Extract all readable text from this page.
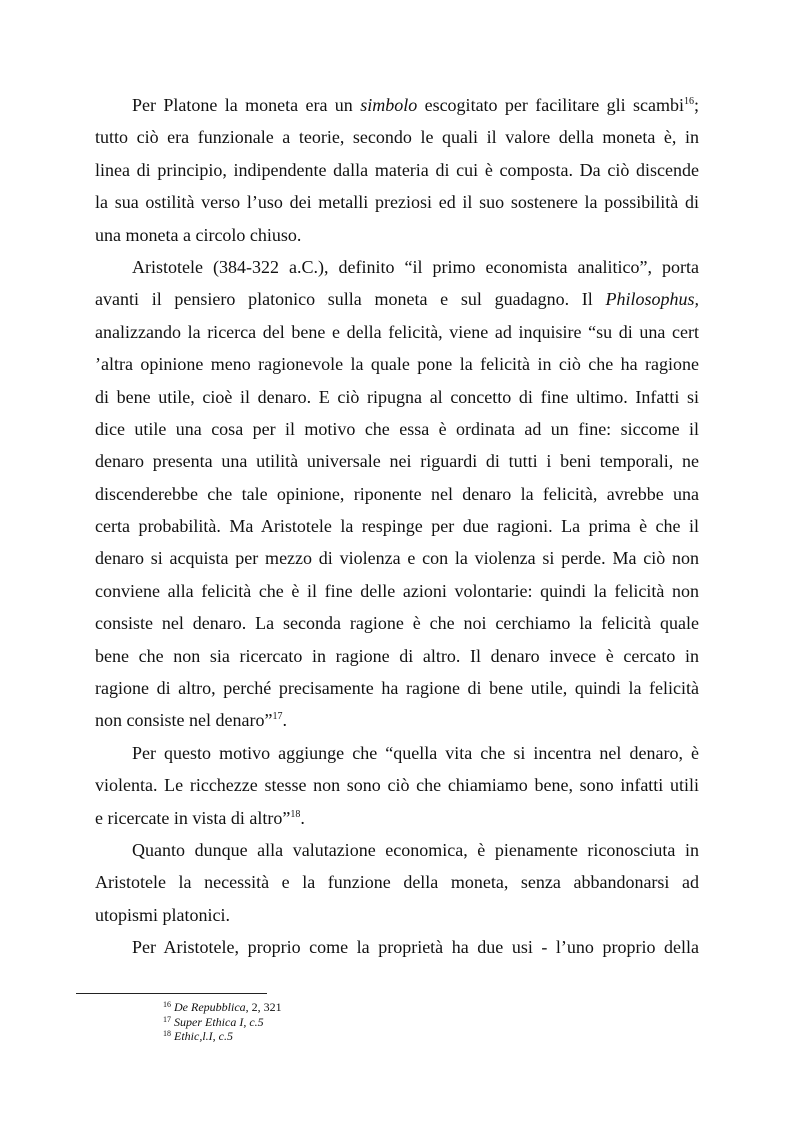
Per Platone la moneta era un simbolo escogitato per facilitare gli scambi$^{16}$;
tutto ciò era funzionale a teorie, secondo le quali il valore della moneta è, in
linea di principio, indipendente dalla materia di cui è composta. Da ciò discende
la sua ostilità verso l’uso dei metalli preziosi ed il suo sostenere la possibilità di
una moneta a circolo chiuso.
Aristotele (384-322 a.C.), definito “il primo economista analitico”, porta
avanti il pensiero platonico sulla moneta e sul guadagno. Il Philosophus,
analizzando la ricerca del bene e della felicità, viene ad inquisire “su di una cert
’altra opinione meno ragionevole la quale pone la felicità in ciò che ha ragione
di bene utile, cioè il denaro. E ciò ripugna al concetto di fine ultimo. Infatti si
dice utile una cosa per il motivo che essa è ordinata ad un fine: siccome il
denaro presenta una utilità universale nei riguardi di tutti i beni temporali, ne
discenderebbe che tale opinione, riponente nel denaro la felicità, avrebbe una
certa probabilità. Ma Aristotele la respinge per due ragioni. La prima è che il
denaro si acquista per mezzo di violenza e con la violenza si perde. Ma ciò non
conviene alla felicità che è il fine delle azioni volontarie: quindi la felicità non
consiste nel denaro. La seconda ragione è che noi cerchiamo la felicità quale
bene che non sia ricercato in ragione di altro. Il denaro invece è cercato in
ragione di altro, perché precisamente ha ragione di bene utile, quindi la felicità
non consiste nel denaro”$^{17}$.
Per questo motivo aggiunge che “quella vita che si incentra nel denaro, è
violenta. Le ricchezze stesse non sono ciò che chiamiamo bene, sono infatti utili
e ricercate in vista di altro”$^{18}$.
Quanto dunque alla valutazione economica, è pienamente riconosciuta in
Aristotele la necessità e la funzione della moneta, senza abbandonarsi ad
utopismi platonici.
Per Aristotele, proprio come la proprietà ha due usi - l’uno proprio della
$^{16}$ De Repubblica, 2, 321
$^{17}$ Super Ethica I, c.5
$^{18}$ Ethic,l.I, c.5
